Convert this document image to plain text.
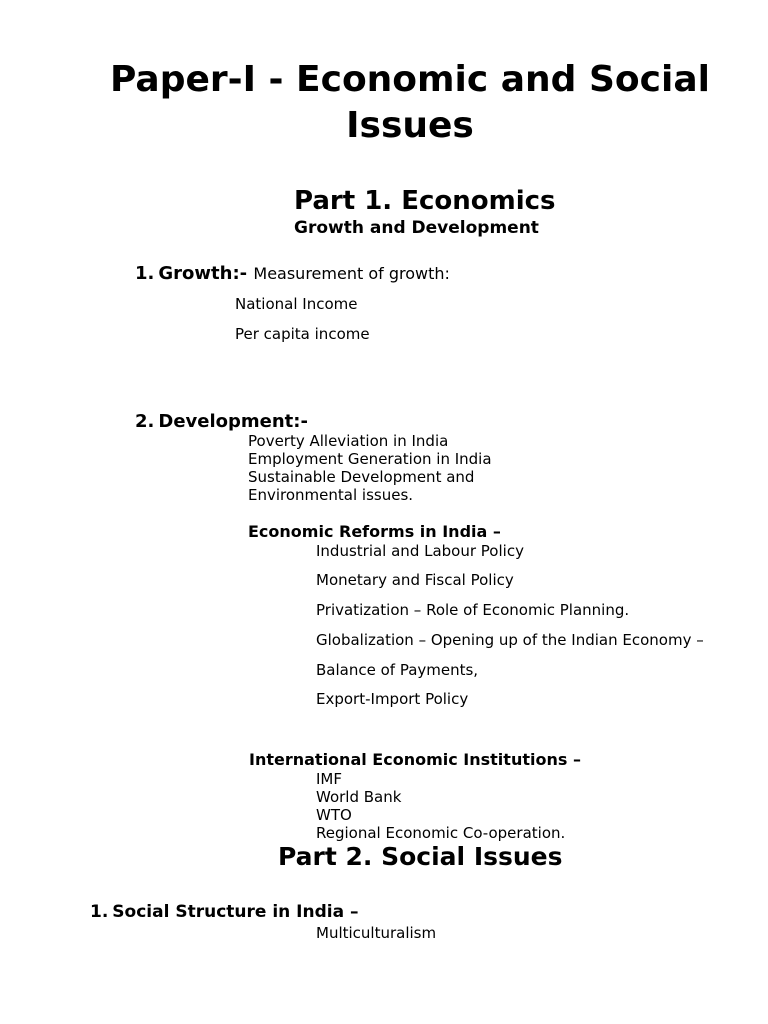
Paper-I - Economic and Social
Issues
Part 1. Economics
Growth and Development
1. Growth:- Measurement of growth:
National Income
Per capita income
2. Development:-
Poverty Alleviation in India
Employment Generation in India
Sustainable Development and
Environmental issues.
Economic Reforms in India –
Industrial and Labour Policy
Monetary and Fiscal Policy
Privatization – Role of Economic Planning.
Globalization – Opening up of the Indian Economy –
Balance of Payments,
Export-Import Policy
International Economic Institutions –
IMF
World Bank
WTO
Regional Economic Co-operation.
Part 2. Social Issues
1. Social Structure in India –
Multiculturalism
